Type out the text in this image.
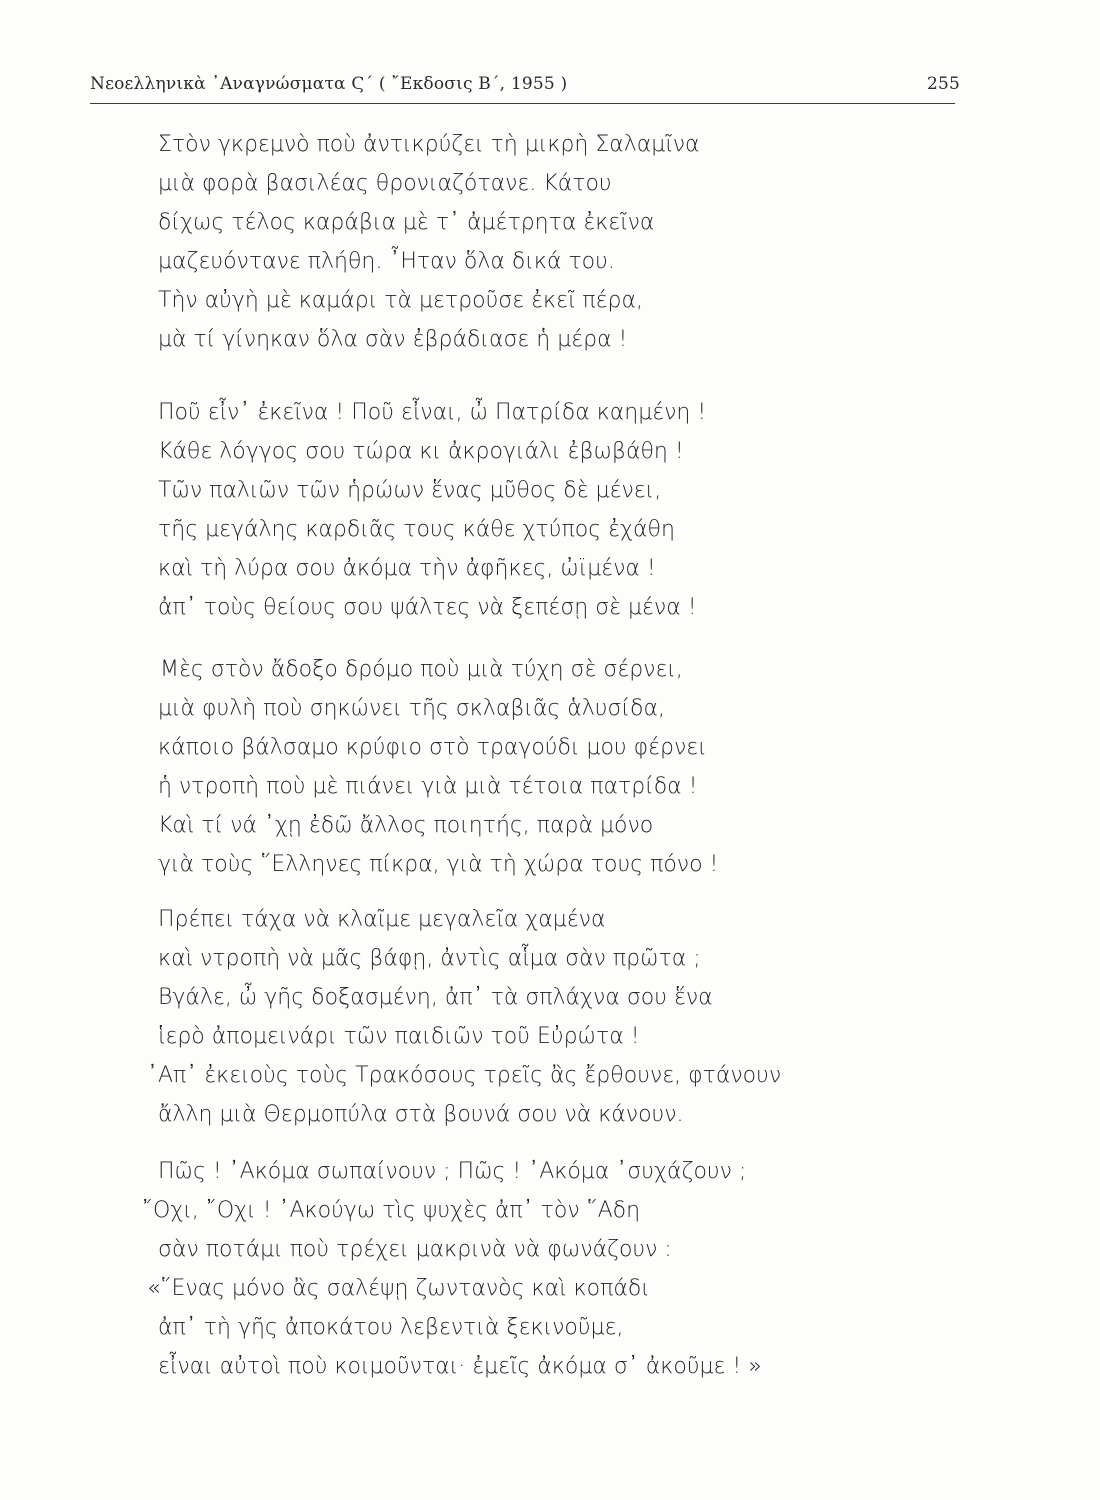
Νεοελληνικὰ ᾿Αναγνώσματα Ϛ΄ ( ῎Εκδοσις Β΄, 1955 )	255
Στὸν γκρεμνὸ ποὺ ἀντικρύζει τὴ μικρὴ Σαλαμῖνα
μιὰ φορὰ βασιλέας θρονιαζότανε. Κάτου
δίχως τέλος καράβια μὲ τ᾿ ἀμέτρητα ἐκεῖνα
μαζευόντανε πλήθη. ῏Ηταν ὅλα δικά του.
Τὴν αὐγὴ μὲ καμάρι τὰ μετροῦσε ἐκεῖ πέρα,
μὰ τί γίνηκαν ὅλα σὰν ἐβράδιασε ἡ μέρα !
Ποῦ εἶν᾿ ἐκεῖνα ! Ποῦ εἶναι, ὦ Πατρίδα καημένη !
Κάθε λόγγος σου τώρα κι ἀκρογιάλι ἐβωβάθη !
Τῶν παλιῶν τῶν ἡρώων ἕνας μῦθος δὲ μένει,
τῆς μεγάλης καρδιᾶς τους κάθε χτύπος ἐχάθη
καὶ τὴ λύρα σου ἀκόμα τὴν ἀφῆκες, ὠϊμένα !
ἀπ᾿ τοὺς θείους σου ψάλτες νὰ ξεπέσῃ σὲ μένα !
Μὲς στὸν ἄδοξο δρόμο ποὺ μιὰ τύχη σὲ σέρνει,
μιὰ φυλὴ ποὺ σηκώνει τῆς σκλαβιᾶς ἁλυσίδα,
κάποιο βάλσαμο κρύφιο στὸ τραγούδι μου φέρνει
ἡ ντροπὴ ποὺ μὲ πιάνει γιὰ μιὰ τέτοια πατρίδα !
Καὶ τί νά ᾿χῃ ἐδῶ ἄλλος ποιητής, παρὰ μόνο
γιὰ τοὺς ῞Ελληνες πίκρα, γιὰ τὴ χώρα τους πόνο !
Πρέπει τάχα νὰ κλαῖμε μεγαλεῖα χαμένα
καὶ ντροπὴ νὰ μᾶς βάφῃ, ἀντὶς αἷμα σὰν πρῶτα ;
Βγάλε, ὦ γῆς δοξασμένη, ἀπ᾿ τὰ σπλάχνα σου ἕνα
ἱερὸ ἀπομεινάρι τῶν παιδιῶν τοῦ Εὐρώτα !
᾿Απ᾿ ἐκειοὺς τοὺς Τρακόσους τρεῖς ἂς ἔρθουνε, φτάνουν
ἄλλη μιὰ Θερμοπύλα στὰ βουνά σου νὰ κάνουν.
Πῶς ! ᾿Ακόμα σωπαίνουν ; Πῶς ! ᾿Ακόμα ᾿συχάζουν ;
῎Οχι, ῎Οχι ! ᾿Ακούγω τὶς ψυχὲς ἀπ᾿ τὸν ῞Αδη
σὰν ποτάμι ποὺ τρέχει μακρινὰ νὰ φωνάζουν :
«῞Ενας μόνο ἂς σαλέψῃ ζωντανὸς καὶ κοπάδι
ἀπ᾿ τὴ γῆς ἀποκάτου λεβεντιὰ ξεκινοῦμε,
εἶναι αὐτοὶ ποὺ κοιμοῦνται· ἐμεῖς ἀκόμα σ᾿ ἀκοῦμε ! »
